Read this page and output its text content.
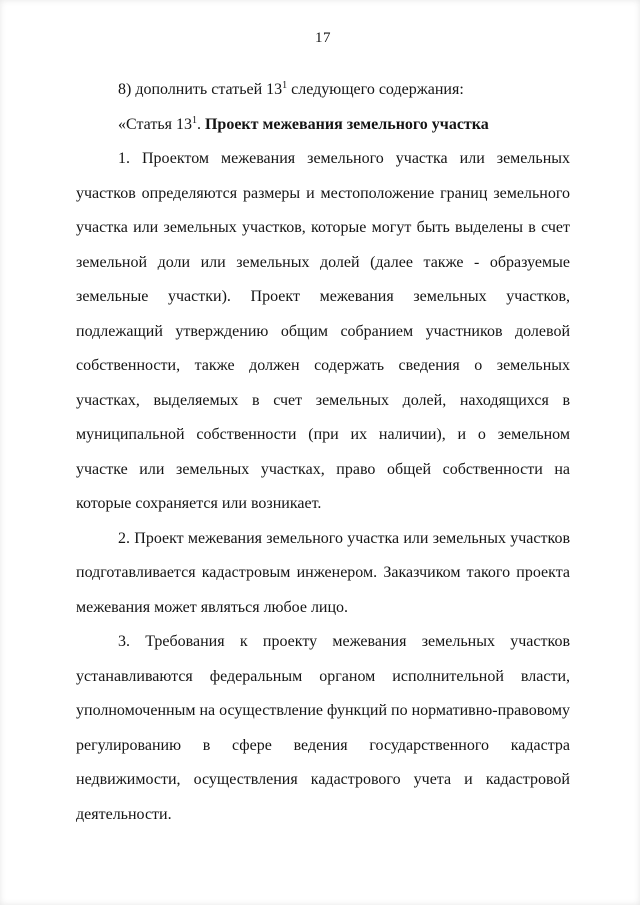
17

8) дополнить статьей $13^1$ следующего содержания:

«Статья $13^1$. Проект межевания земельного участка

1. Проектом межевания земельного участка или земельных участков определяются размеры и местоположение границ земельного участка или земельных участков, которые могут быть выделены в счет земельной доли или земельных долей (далее также - образуемые земельные участки). Проект межевания земельных участков, подлежащий утверждению общим собранием участников долевой собственности, также должен содержать сведения о земельных участках, выделяемых в счет земельных долей, находящихся в муниципальной собственности (при их наличии), и о земельном участке или земельных участках, право общей собственности на которые сохраняется или возникает.

2. Проект межевания земельного участка или земельных участков подготавливается кадастровым инженером. Заказчиком такого проекта межевания может являться любое лицо.

3. Требования к проекту межевания земельных участков устанавливаются федеральным органом исполнительной власти, уполномоченным на осуществление функций по нормативно-правовому регулированию в сфере ведения государственного кадастра недвижимости, осуществления кадастрового учета и кадастровой деятельности.
